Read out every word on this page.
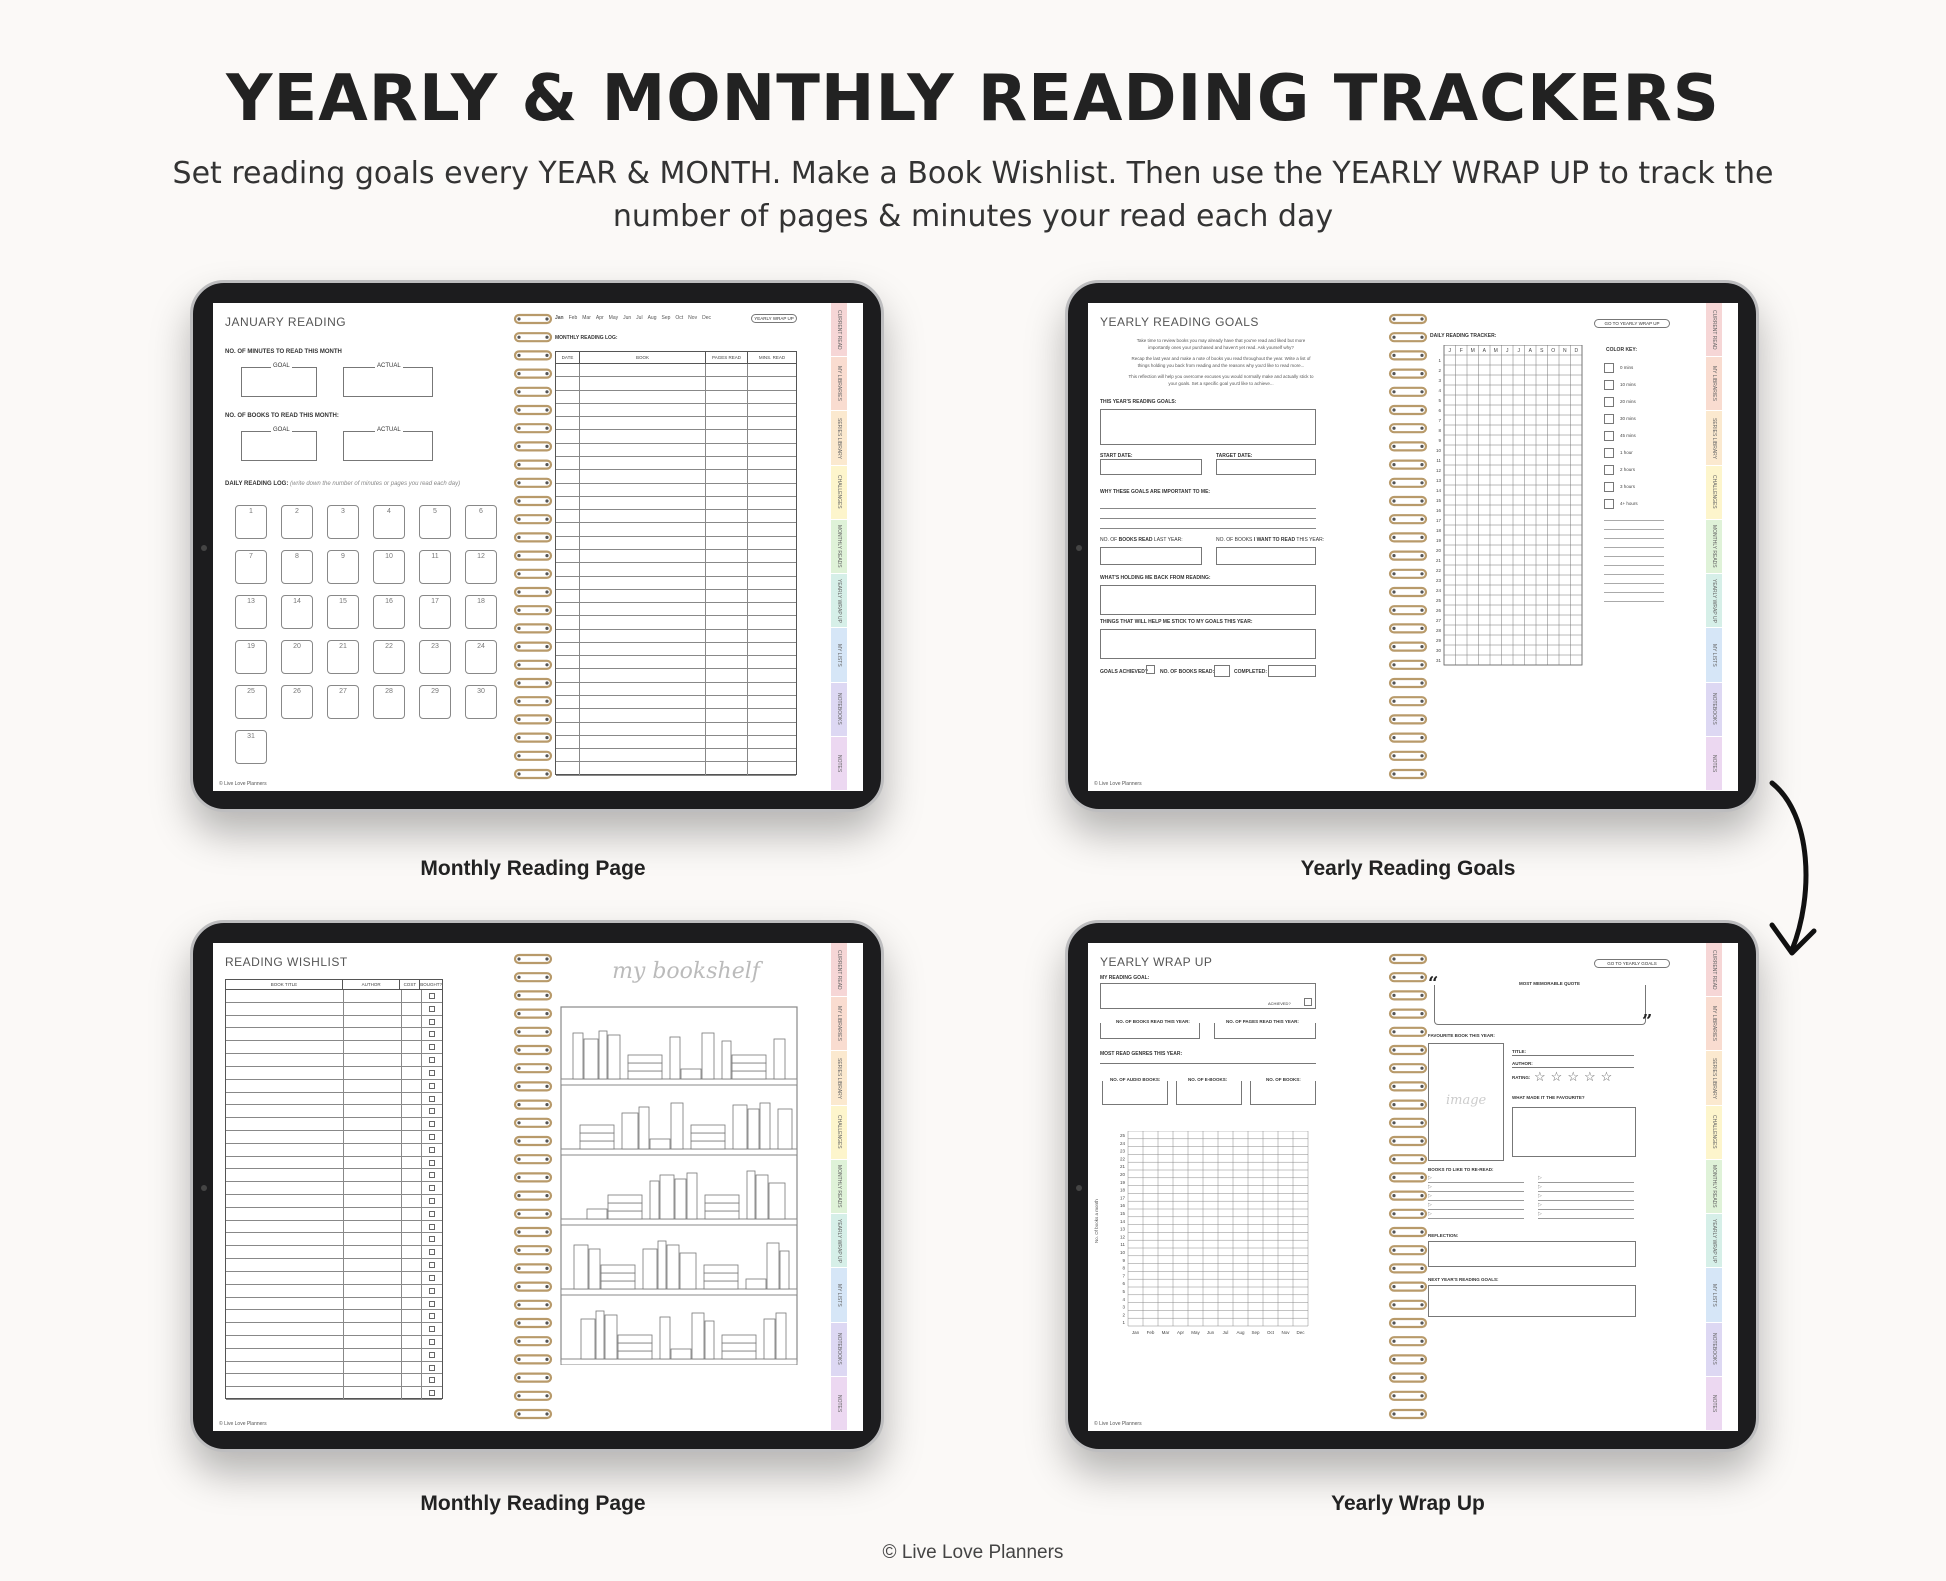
YEARLY & MONTHLY READING TRACKERS
Set reading goals every YEAR & MONTH. Make a Book Wishlist. Then use the YEARLY WRAP UP to track the number of pages & minutes your read each day
JANUARY READING
NO. OF MINUTES TO READ THIS MONTH
GOAL	ACTUAL
NO. OF BOOKS TO READ THIS MONTH:
GOAL	ACTUAL
DAILY READING LOG: (write down the number of minutes or pages you read each day)
1	2	3	4	5	6
7	8	9	10	11	12
13	14	15	16	17	18
19	20	21	22	23	24
25	26	27	28	29	30
31
© Live Love Planners
Jan Feb Mar Apr May Jun Jul Aug Sep Oct Nov Dec	YEARLY WRAP UP
MONTHLY READING LOG:
DATE	BOOK	PAGES READ	MINS. READ
CURRENT READ
MY LIBRARIES
SERIES LIBRARY
CHALLENGES
MONTHLY READS
YEARLY WRAP UP
MY LISTS
NOTEBOOKS
NOTES
Monthly Reading Page
YEARLY READING GOALS
Take time to review books you may already have that you've read and liked but more
importantly ones your purchased and haven't yet read. Ask yourself why?
Recap the last year and make a note of books you read throughout the year. Write a list of
things holding you back from reading and the reasons why you'd like to read more...
This reflection will help you overcome excuses you would normally make and actually stick to
your goals. Set a specific goal you'd like to achieve...
THIS YEAR'S READING GOALS:
START DATE:	TARGET DATE:
WHY THESE GOALS ARE IMPORTANT TO ME:
NO. OF BOOKS READ LAST YEAR:	NO. OF BOOKS I WANT TO READ THIS YEAR:
WHAT'S HOLDING ME BACK FROM READING:
THINGS THAT WILL HELP ME STICK TO MY GOALS THIS YEAR:
GOALS ACHIEVED? NO. OF BOOKS READ:	COMPLETED:
© Live Love Planners
GO TO YEARLY WRAP UP
DAILY READING TRACKER:
J F M A M J J A S O N D
1
2
3
4
5
6
7
8
9
10
11
12
13
14
15
16
17
18
19
20
21
22
23
24
25
26
27
28
29
30
31
COLOR KEY:
0 mins
10 mins
20 mins
30 mins
45 mins
1 hour
2 hours
3 hours
4+ hours
CURRENT READ
MY LIBRARIES
SERIES LIBRARY
CHALLENGES
MONTHLY READS
YEARLY WRAP UP
MY LISTS
NOTEBOOKS
NOTES
Yearly Reading Goals
READING WISHLIST
BOOK TITLE	AUTHOR	COST BOUGHT?
© Live Love Planners
my bookshelf	CURRENT READ
MY LIBRARIES
SERIES LIBRARY
CHALLENGES
MONTHLY READS
YEARLY WRAP UP
MY LISTS
NOTEBOOKS
NOTES
Monthly Reading Page
YEARLY WRAP UP
MY READING GOAL:
ACHIEVED?
NO. OF BOOKS READ THIS YEAR:	NO. OF PAGES READ THIS YEAR:
MOST READ GENRES THIS YEAR:
NO. OF AUDIO BOOKS:	NO. OF E-BOOKS:	NO. OF BOOKS:
No. Of books a month
25
24
23
22
21
20
19
18
17
16
15
14
13
12
11
10
9
8
7
6
5
4
3
2
1
Jan Feb Mar Apr May Jun Jul Aug Sep Oct Nov Dec
© Live Love Planners
GO TO YEARLY GOALS
“	MOST MEMORABLE QUOTE
”
FAVOURITE BOOK THIS YEAR:
image
TITLE:
AUTHOR:
RATING: ☆ ☆ ☆ ☆ ☆
WHAT MADE IT THE FAVOURITE?
BOOKS I'D LIKE TO RE-READ:
▷
▷
▷
▷
▷
▷
▷
▷
▷
▷
REFLECTION:
NEXT YEAR'S READING GOALS:
CURRENT READ
MY LIBRARIES
SERIES LIBRARY
CHALLENGES
MONTHLY READS
YEARLY WRAP UP
MY LISTS
NOTEBOOKS
NOTES
Yearly Wrap Up
© Live Love Planners
